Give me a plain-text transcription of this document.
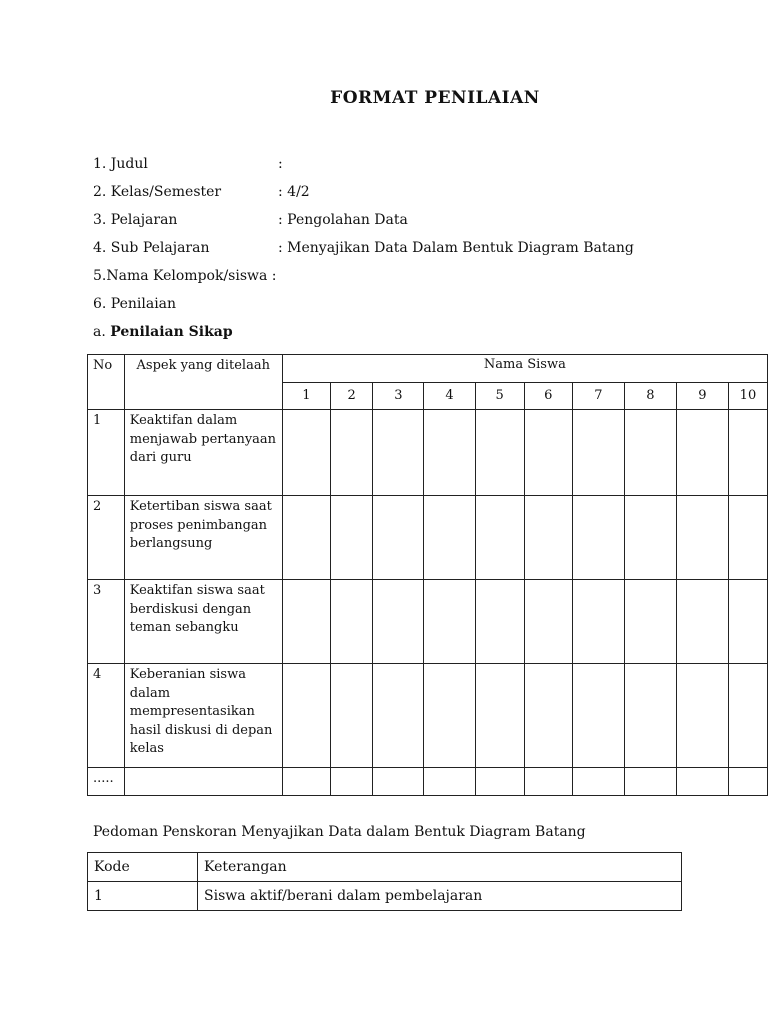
FORMAT PENILAIAN
1. Judul	:
2. Kelas/Semester	: 4/2
3. Pelajaran	: Pengolahan Data
4. Sub Pelajaran	: Menyajikan Data Dalam Bentuk Diagram Batang
5.Nama Kelompok/siswa :
6. Penilaian
a. Penilaian Sikap
No	Aspek yang ditelaah	Nama Siswa									
		1	2	3	4	5	6	7	8	9	10
1	Keaktifan dalam menjawab pertanyaan dari guru										
2	Ketertiban siswa saat proses penimbangan berlangsung										
3	Keaktifan siswa saat berdiskusi dengan teman sebangku										
4	Keberanian siswa dalam mempresentasikan hasil diskusi di depan kelas										
.....											
Pedoman Penskoran Menyajikan Data dalam Bentuk Diagram Batang
Kode	Keterangan
1	Siswa aktif/berani dalam pembelajaran
